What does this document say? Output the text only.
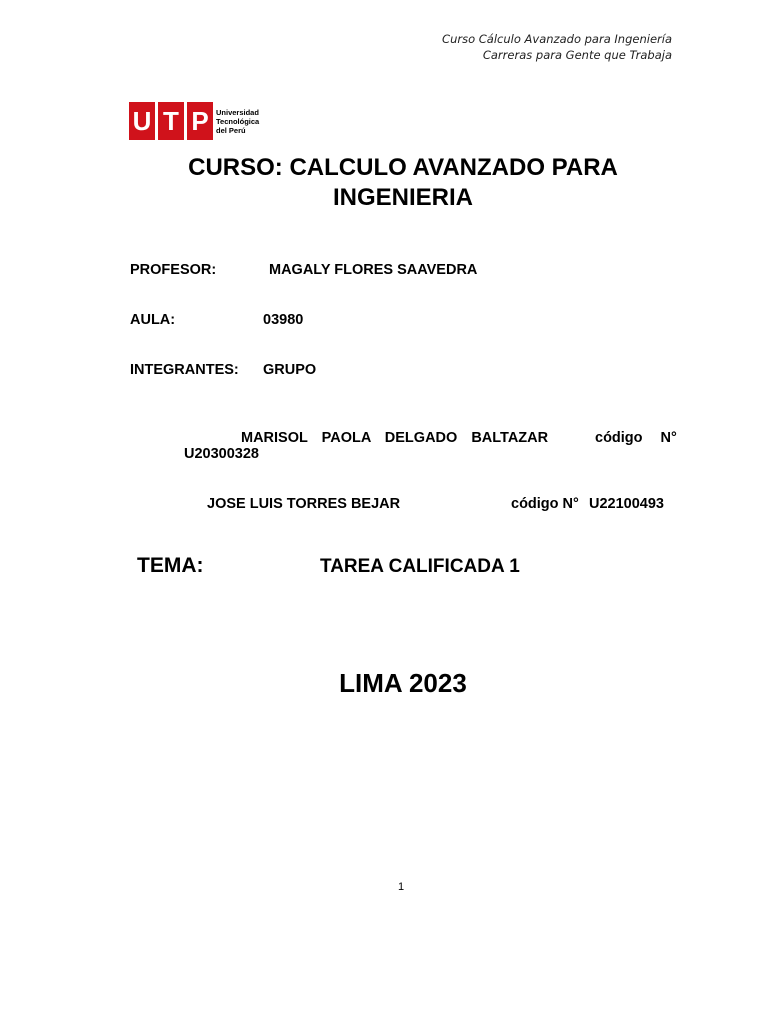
Curso Cálculo Avanzado para Ingeniería
Carreras para Gente que Trabaja
U T P Universidad
Tecnológica
del Perú
CURSO: CALCULO AVANZADO PARA
INGENIERIA
PROFESOR:	MAGALY FLORES SAAVEDRA
AULA:	03980
INTEGRANTES: GRUPO
MARISOL PAOLA DELGADO BALTAZAR	código N°
U20300328
JOSE LUIS TORRES BEJAR	código N° U22100493
TEMA:	TAREA CALIFICADA 1
LIMA 2023
1
